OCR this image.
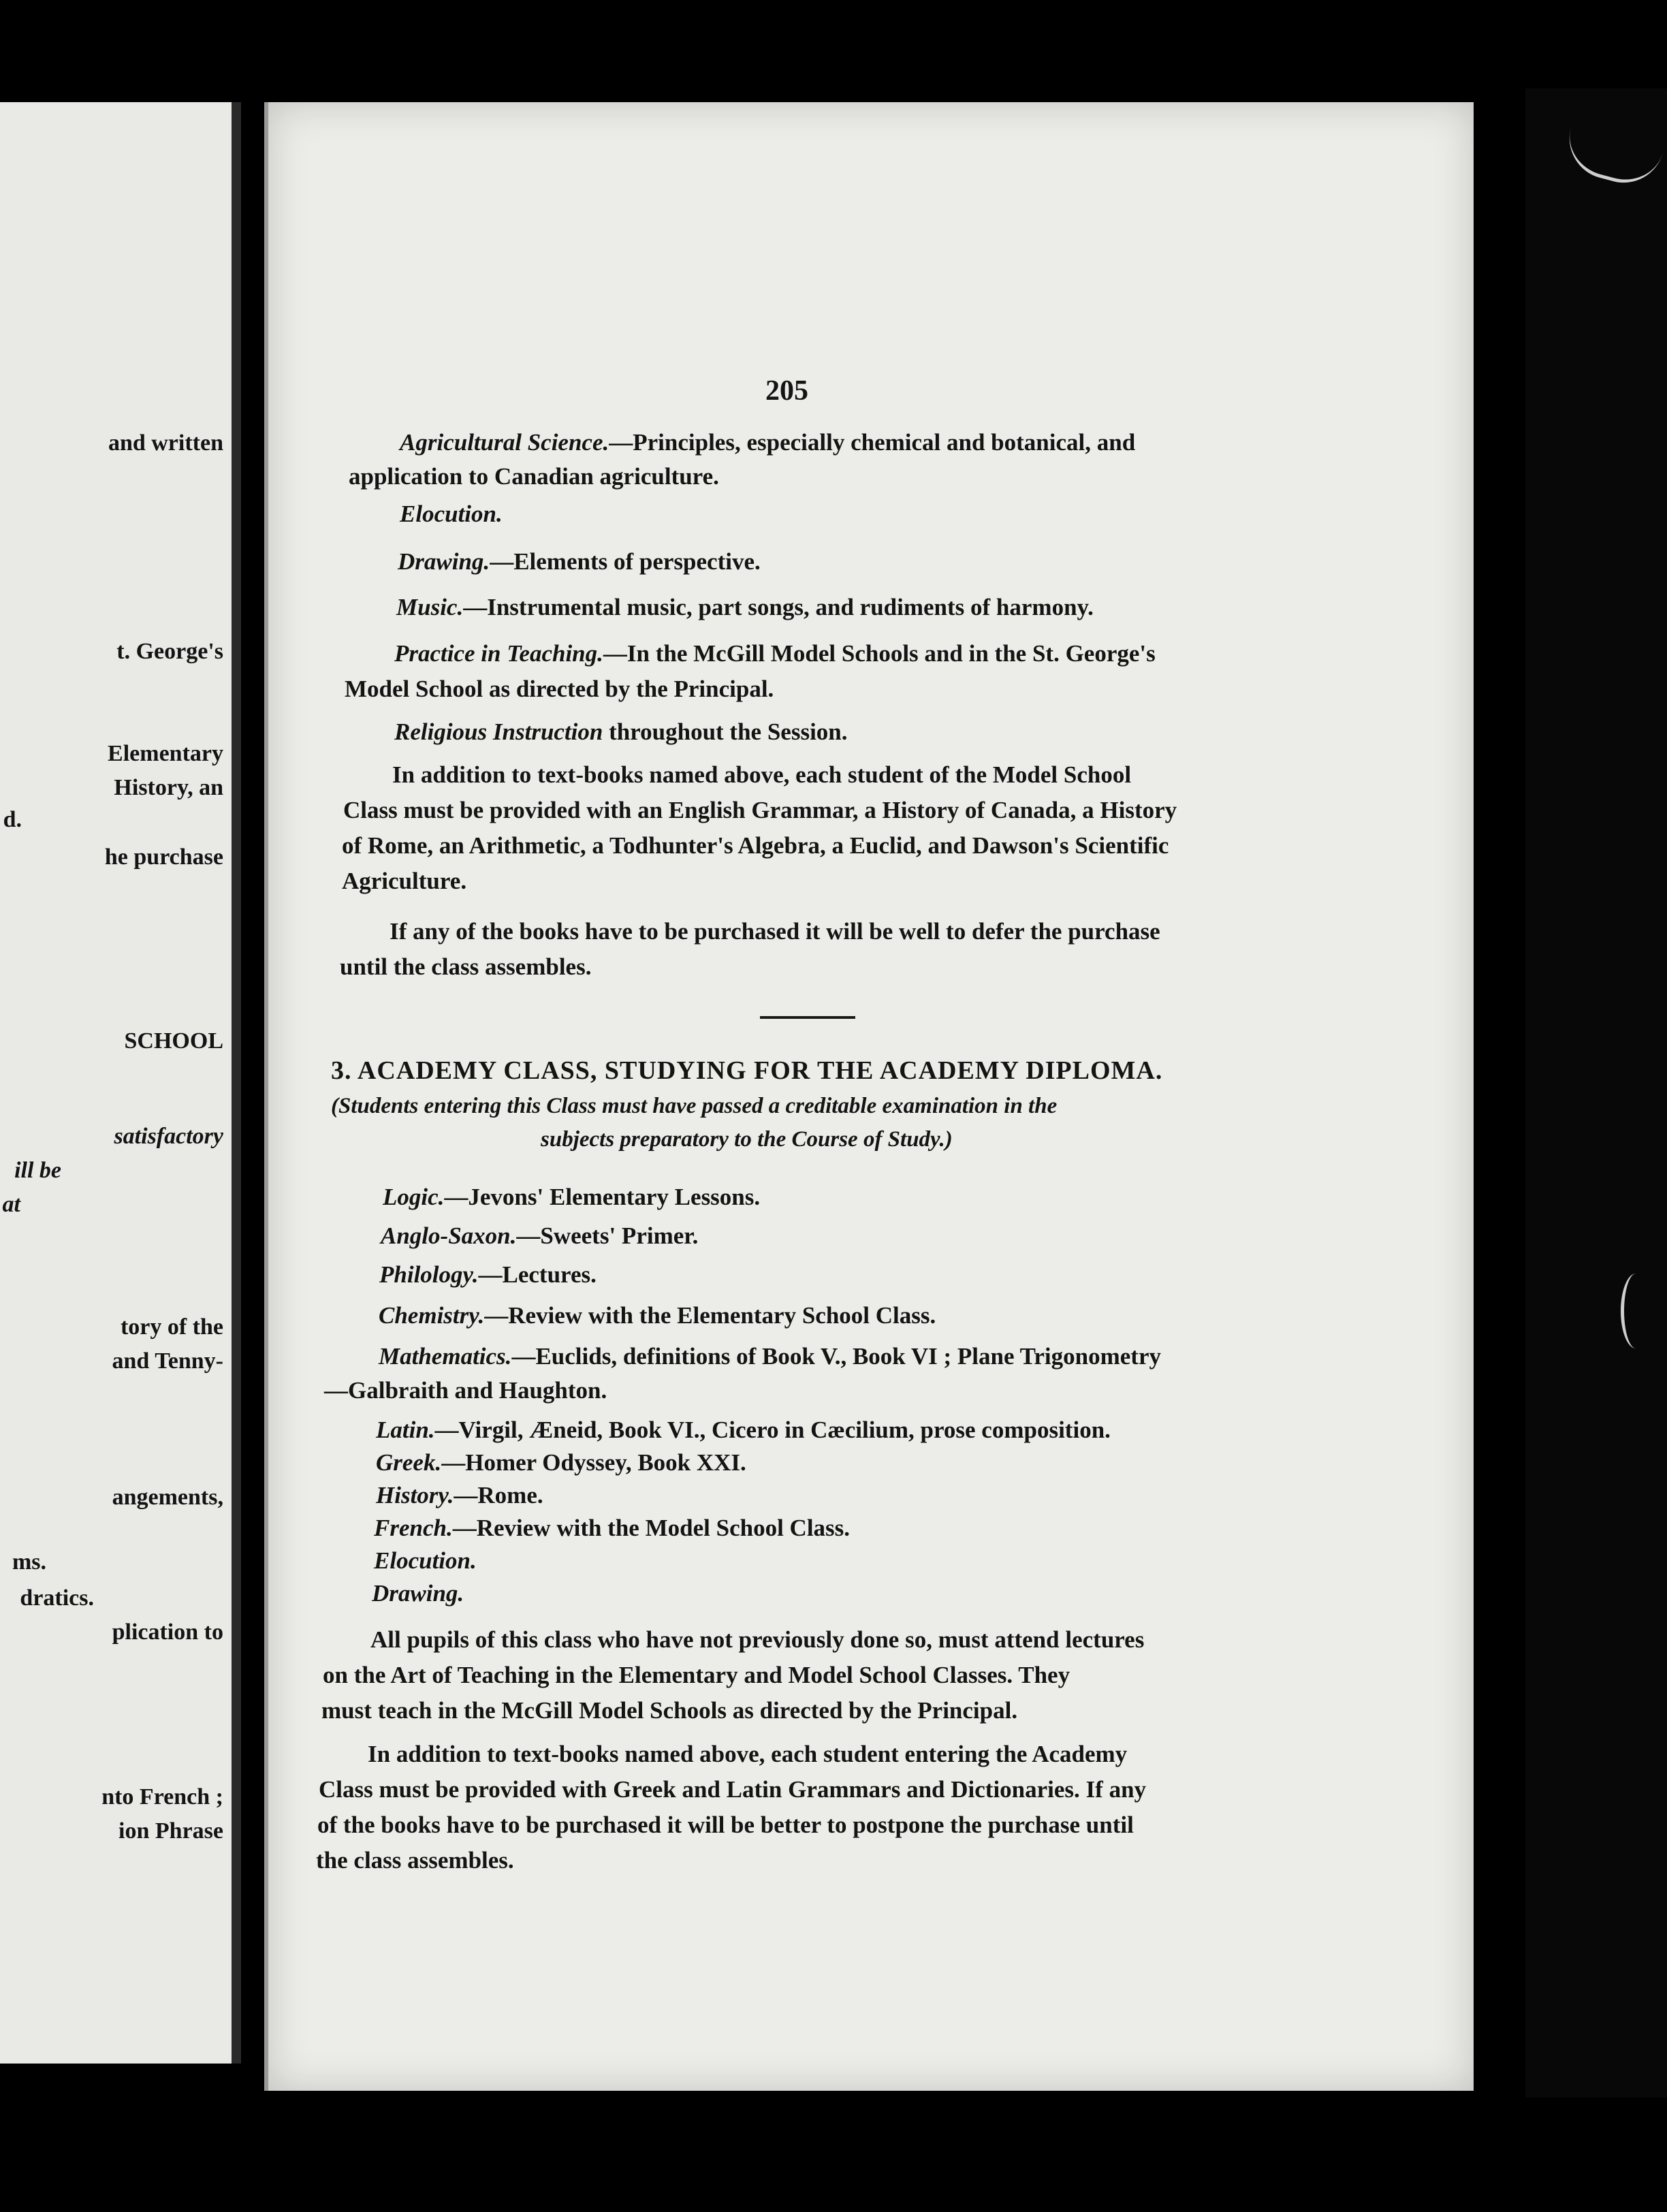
and written
t. George's
Elementary
History, an
d.
he purchase
SCHOOL
satisfactory
ill be
at
tory of the
and Tenny-
angements,
ms.
dratics.
plication to
nto French ;
ion Phrase
205
Agricultural Science.—Principles, especially chemical and botanical, and
application to Canadian agriculture.
Elocution.
Drawing.—Elements of perspective.
Music.—Instrumental music, part songs, and rudiments of harmony.
Practice in Teaching.—In the McGill Model Schools and in the St. George's
Model School as directed by the Principal.
Religious Instruction throughout the Session.
In addition to text-books named above, each student of the Model School
Class must be provided with an English Grammar, a History of Canada, a History
of Rome, an Arithmetic, a Todhunter's Algebra, a Euclid, and Dawson's Scientific
Agriculture.
If any of the books have to be purchased it will be well to defer the purchase
until the class assembles.
3. ACADEMY CLASS, STUDYING FOR THE ACADEMY DIPLOMA.
(Students entering this Class must have passed a creditable examination in the
subjects preparatory to the Course of Study.)
Logic.—Jevons' Elementary Lessons.
Anglo-Saxon.—Sweets' Primer.
Philology.—Lectures.
Chemistry.—Review with the Elementary School Class.
Mathematics.—Euclids, definitions of Book V., Book VI ; Plane Trigonometry
—Galbraith and Haughton.
Latin.—Virgil, Æneid, Book VI., Cicero in Cæcilium, prose composition.
Greek.—Homer Odyssey, Book XXI.
History.—Rome.
French.—Review with the Model School Class.
Elocution.
Drawing.
All pupils of this class who have not previously done so, must attend lectures
on the Art of Teaching in the Elementary and Model School Classes. They
must teach in the McGill Model Schools as directed by the Principal.
In addition to text-books named above, each student entering the Academy
Class must be provided with Greek and Latin Grammars and Dictionaries. If any
of the books have to be purchased it will be better to postpone the purchase until
the class assembles.
